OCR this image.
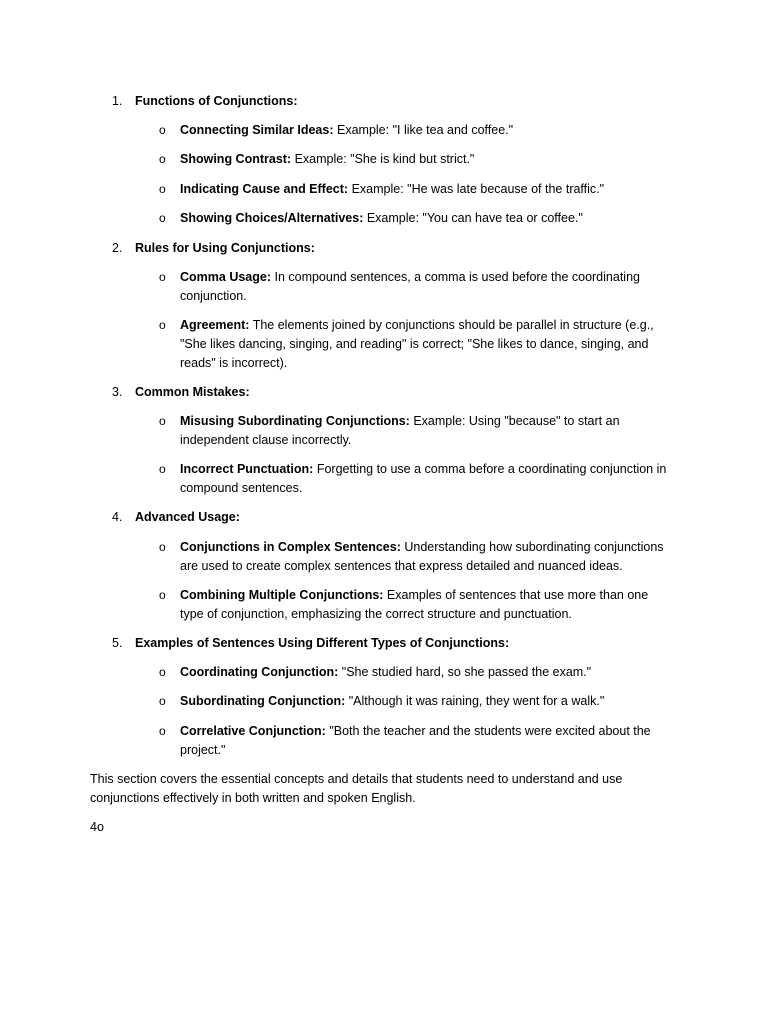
1. Functions of Conjunctions:
o Connecting Similar Ideas: Example: "I like tea and coffee."
o Showing Contrast: Example: "She is kind but strict."
o Indicating Cause and Effect: Example: "He was late because of the traffic."
o Showing Choices/Alternatives: Example: "You can have tea or coffee."
2. Rules for Using Conjunctions:
o Comma Usage: In compound sentences, a comma is used before the coordinating conjunction.
o Agreement: The elements joined by conjunctions should be parallel in structure (e.g., "She likes dancing, singing, and reading" is correct; "She likes to dance, singing, and reads" is incorrect).
3. Common Mistakes:
o Misusing Subordinating Conjunctions: Example: Using "because" to start an independent clause incorrectly.
o Incorrect Punctuation: Forgetting to use a comma before a coordinating conjunction in compound sentences.
4. Advanced Usage:
o Conjunctions in Complex Sentences: Understanding how subordinating conjunctions are used to create complex sentences that express detailed and nuanced ideas.
o Combining Multiple Conjunctions: Examples of sentences that use more than one type of conjunction, emphasizing the correct structure and punctuation.
5. Examples of Sentences Using Different Types of Conjunctions:
o Coordinating Conjunction: "She studied hard, so she passed the exam."
o Subordinating Conjunction: "Although it was raining, they went for a walk."
o Correlative Conjunction: "Both the teacher and the students were excited about the project."
This section covers the essential concepts and details that students need to understand and use conjunctions effectively in both written and spoken English.
4o
